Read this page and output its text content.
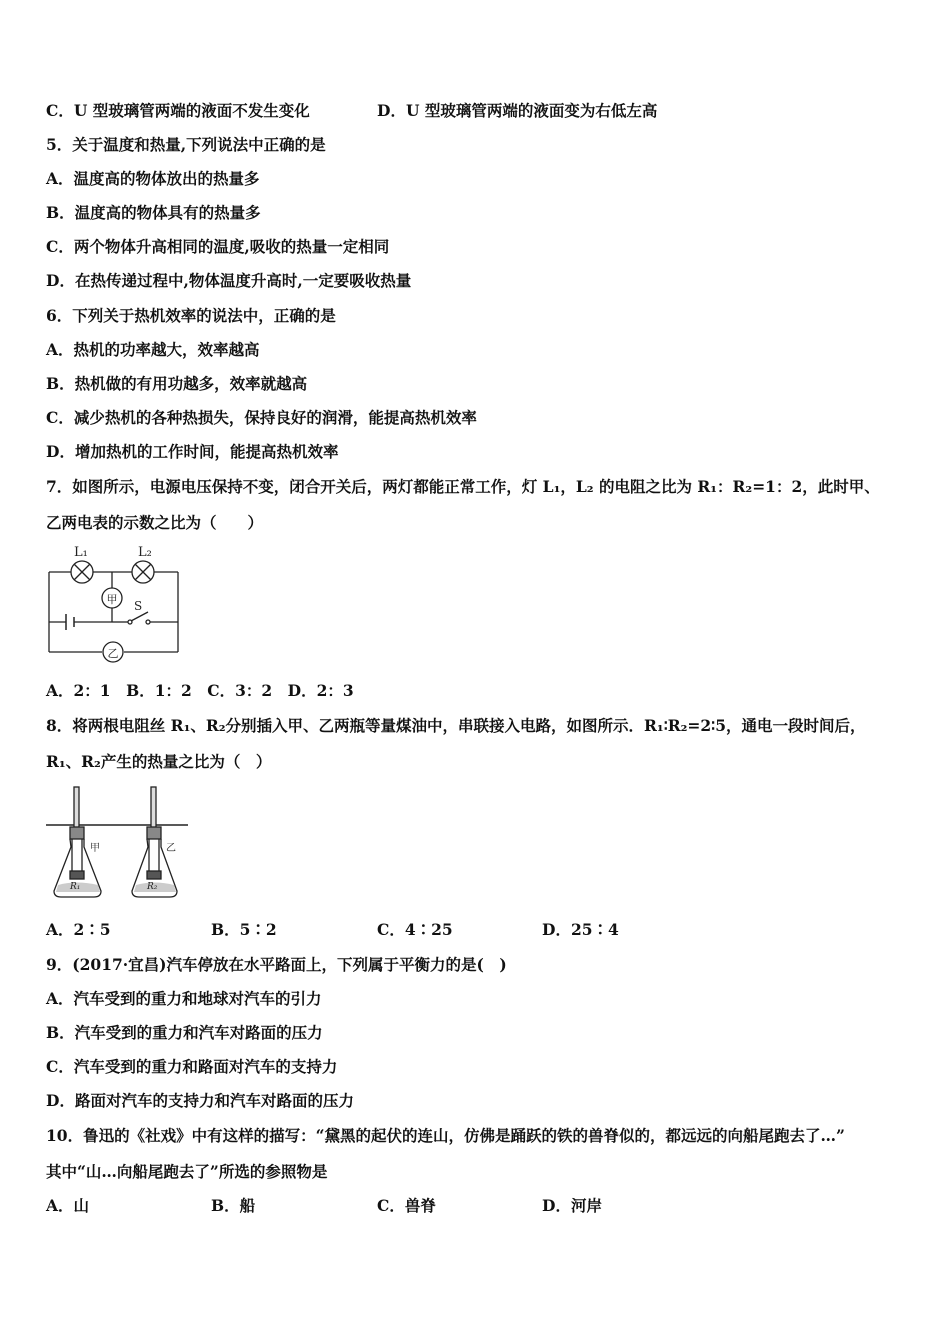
C．U 型玻璃管两端的液面不发生变化	D．U 型玻璃管两端的液面变为右低左高
5．关于温度和热量,下列说法中正确的是
A．温度高的物体放出的热量多
B．温度高的物体具有的热量多
C．两个物体升高相同的温度,吸收的热量一定相同
D．在热传递过程中,物体温度升高时,一定要吸收热量
6．下列关于热机效率的说法中，正确的是
A．热机的功率越大，效率越高
B．热机做的有用功越多，效率就越高
C．减少热机的各种热损失，保持良好的润滑，能提高热机效率
D．增加热机的工作时间，能提高热机效率
7．如图所示，电源电压保持不变，闭合开关后，两灯都能正常工作，灯 L₁，L₂ 的电阻之比为 R₁：R₂=1：2，此时甲、
乙两电表的示数之比为（　　）
L₁	L₂
甲 S
乙
A．2：1　B．1：2　C．3：2　D．2：3
8．将两根电阻丝 R₁、R₂分别插入甲、乙两瓶等量煤油中，串联接入电路，如图所示．R₁∶R₂=2∶5，通电一段时间后，
R₁、R₂产生的热量之比为（　）
甲
R₁
乙
R₂
A．2∶5	B．5∶2	C．4∶25	D．25∶4
9．(2017·宜昌)汽车停放在水平路面上，下列属于平衡力的是(　)
A．汽车受到的重力和地球对汽车的引力
B．汽车受到的重力和汽车对路面的压力
C．汽车受到的重力和路面对汽车的支持力
D．路面对汽车的支持力和汽车对路面的压力
10．鲁迅的《社戏》中有这样的描写：“黛黑的起伏的连山，仿佛是踊跃的铁的兽脊似的，都远远的向船尾跑去了…”
其中“山…向船尾跑去了”所选的参照物是
A．山	B．船	C．兽脊	D．河岸
